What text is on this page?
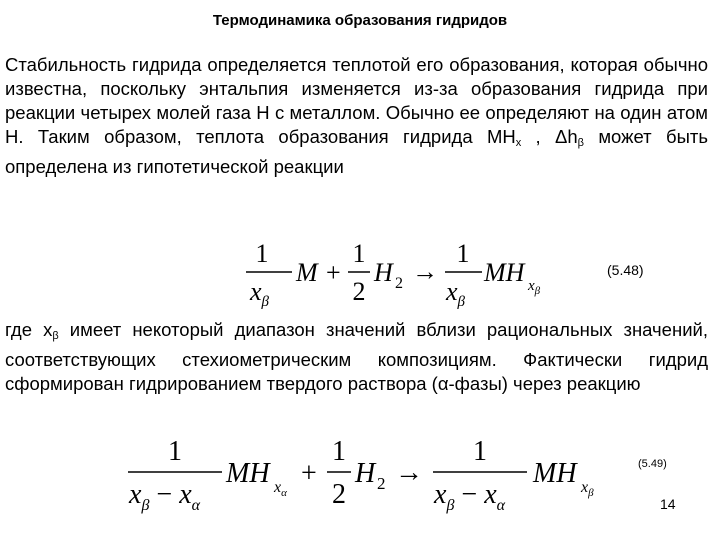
Термодинамика образования гидридов

Стабильность гидрида определяется теплотой его образования, которая обычно известна, поскольку энтальпия изменяется из-за образования гидрида при реакции четырех молей газа Н с металлом. Обычно ее определяют на один атом Н. Таким образом, теплота образования гидрида $МН_x$ , $\Delta h_\beta$ может быть определена из гипотетической реакции

1
$x_\beta$
M +
1
2
H 2 →
1
$x_\beta$
MH $x_\beta$
(5.48)

где $x_\beta$ имеет некоторый диапазон значений вблизи рациональных значений, соответствующих стехиометрическим композициям. Фактически гидрид сформирован гидрированием твердого раствора (α-фазы) через реакцию

1
$x_\beta - x_\alpha$
MH $x_\alpha$
+
1
2
H 2 →
1
$x_\beta - x_\alpha$
MH $x_\beta$
(5.49)
14
